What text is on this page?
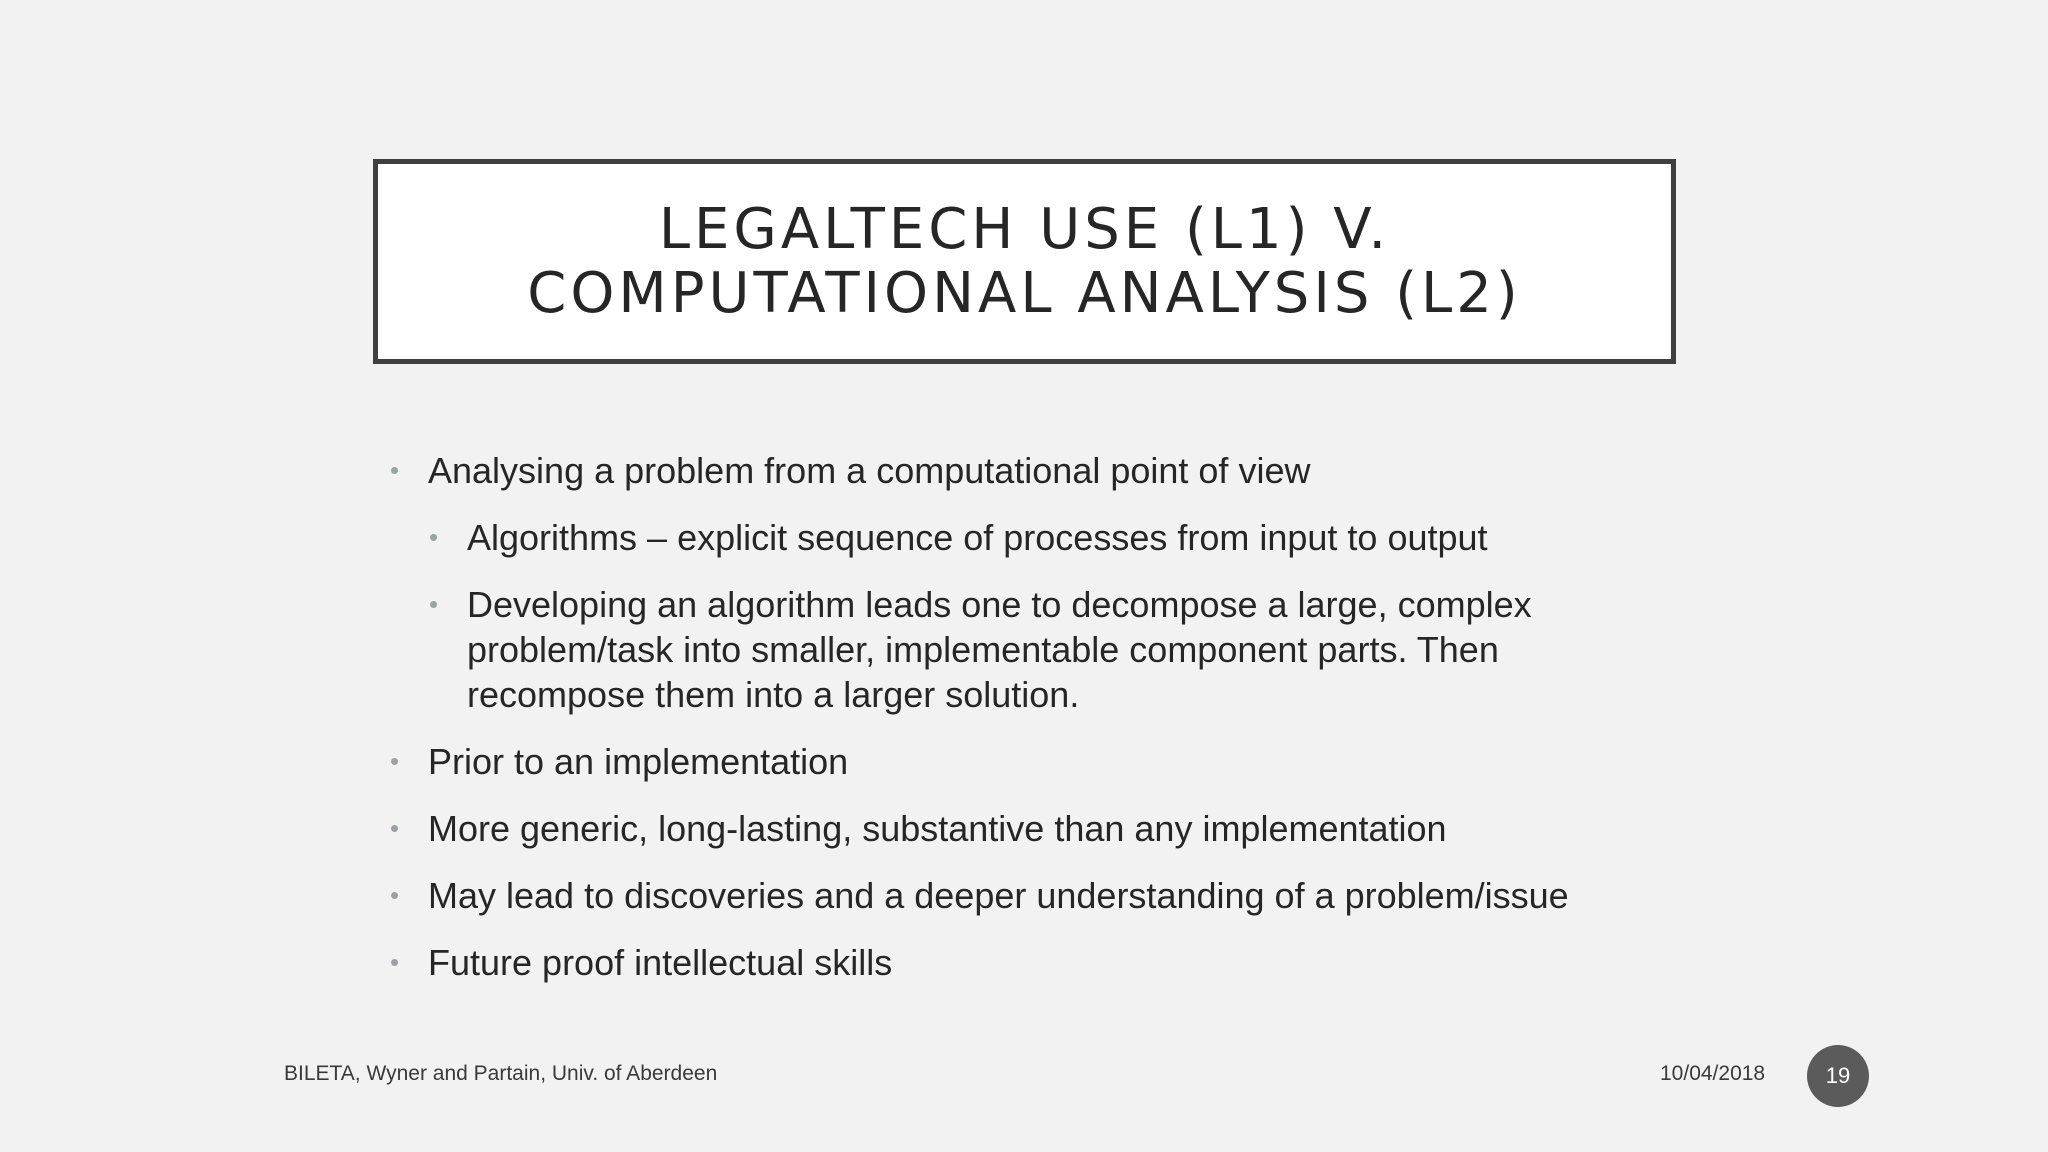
LEGALTECH USE (L1) V.
COMPUTATIONAL ANALYSIS (L2)
• Analysing a problem from a computational point of view
• Algorithms – explicit sequence of processes from input to output
• Developing an algorithm leads one to decompose a large, complex problem/task into smaller, implementable component parts. Then recompose them into a larger solution.
• Prior to an implementation
• More generic, long-lasting, substantive than any implementation
• May lead to discoveries and a deeper understanding of a problem/issue
• Future proof intellectual skills
BILETA, Wyner and Partain, Univ. of Aberdeen	10/04/2018	19
